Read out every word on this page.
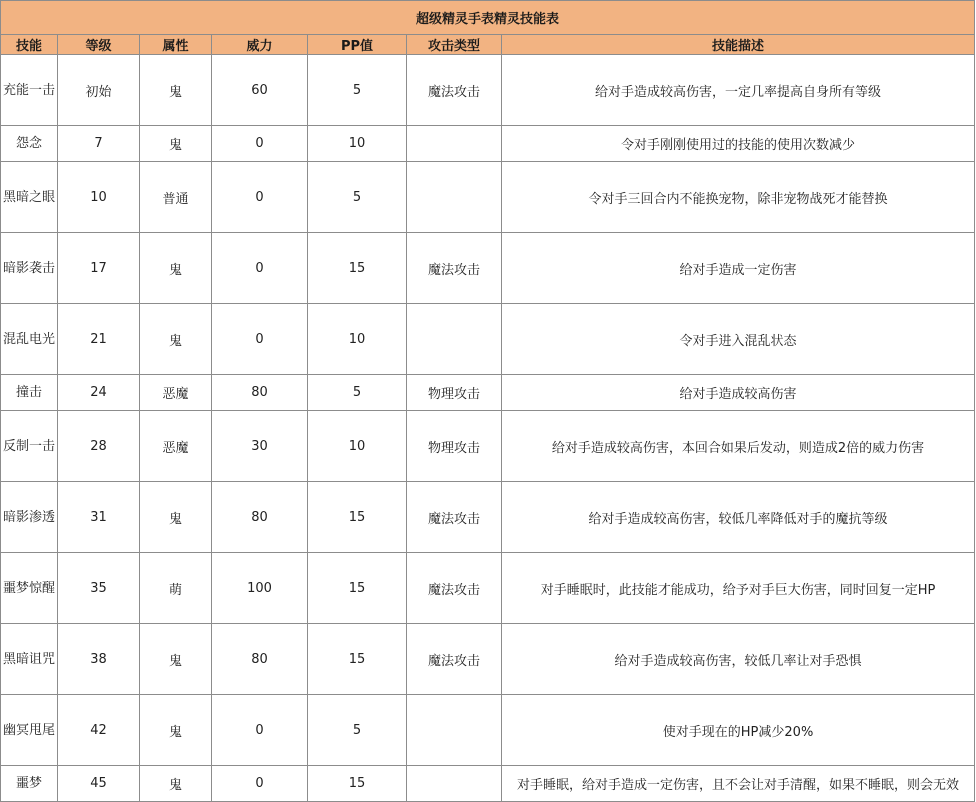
超级精灵手表精灵技能表						
技能	等级	属性	威力	PP值	攻击类型	技能描述
充能一击	初始	鬼	60	5	魔法攻击	给对手造成较高伤害，一定几率提高自身所有等级
怨念	7	鬼	0	10		令对手刚刚使用过的技能的使用次数减少
黑暗之眼	10	普通	0	5		令对手三回合内不能换宠物，除非宠物战死才能替换
暗影袭击	17	鬼	0	15	魔法攻击	给对手造成一定伤害
混乱电光	21	鬼	0	10		令对手进入混乱状态
撞击	24	恶魔	80	5	物理攻击	给对手造成较高伤害
反制一击	28	恶魔	30	10	物理攻击	给对手造成较高伤害，本回合如果后发动，则造成2倍的威力伤害
暗影渗透	31	鬼	80	15	魔法攻击	给对手造成较高伤害，较低几率降低对手的魔抗等级
噩梦惊醒	35	萌	100	15	魔法攻击	对手睡眠时，此技能才能成功，给予对手巨大伤害，同时回复一定HP
黑暗诅咒	38	鬼	80	15	魔法攻击	给对手造成较高伤害，较低几率让对手恐惧
幽冥甩尾	42	鬼	0	5		使对手现在的HP减少20%
噩梦	45	鬼	0	15		对手睡眠，给对手造成一定伤害，且不会让对手清醒，如果不睡眠，则会无效
